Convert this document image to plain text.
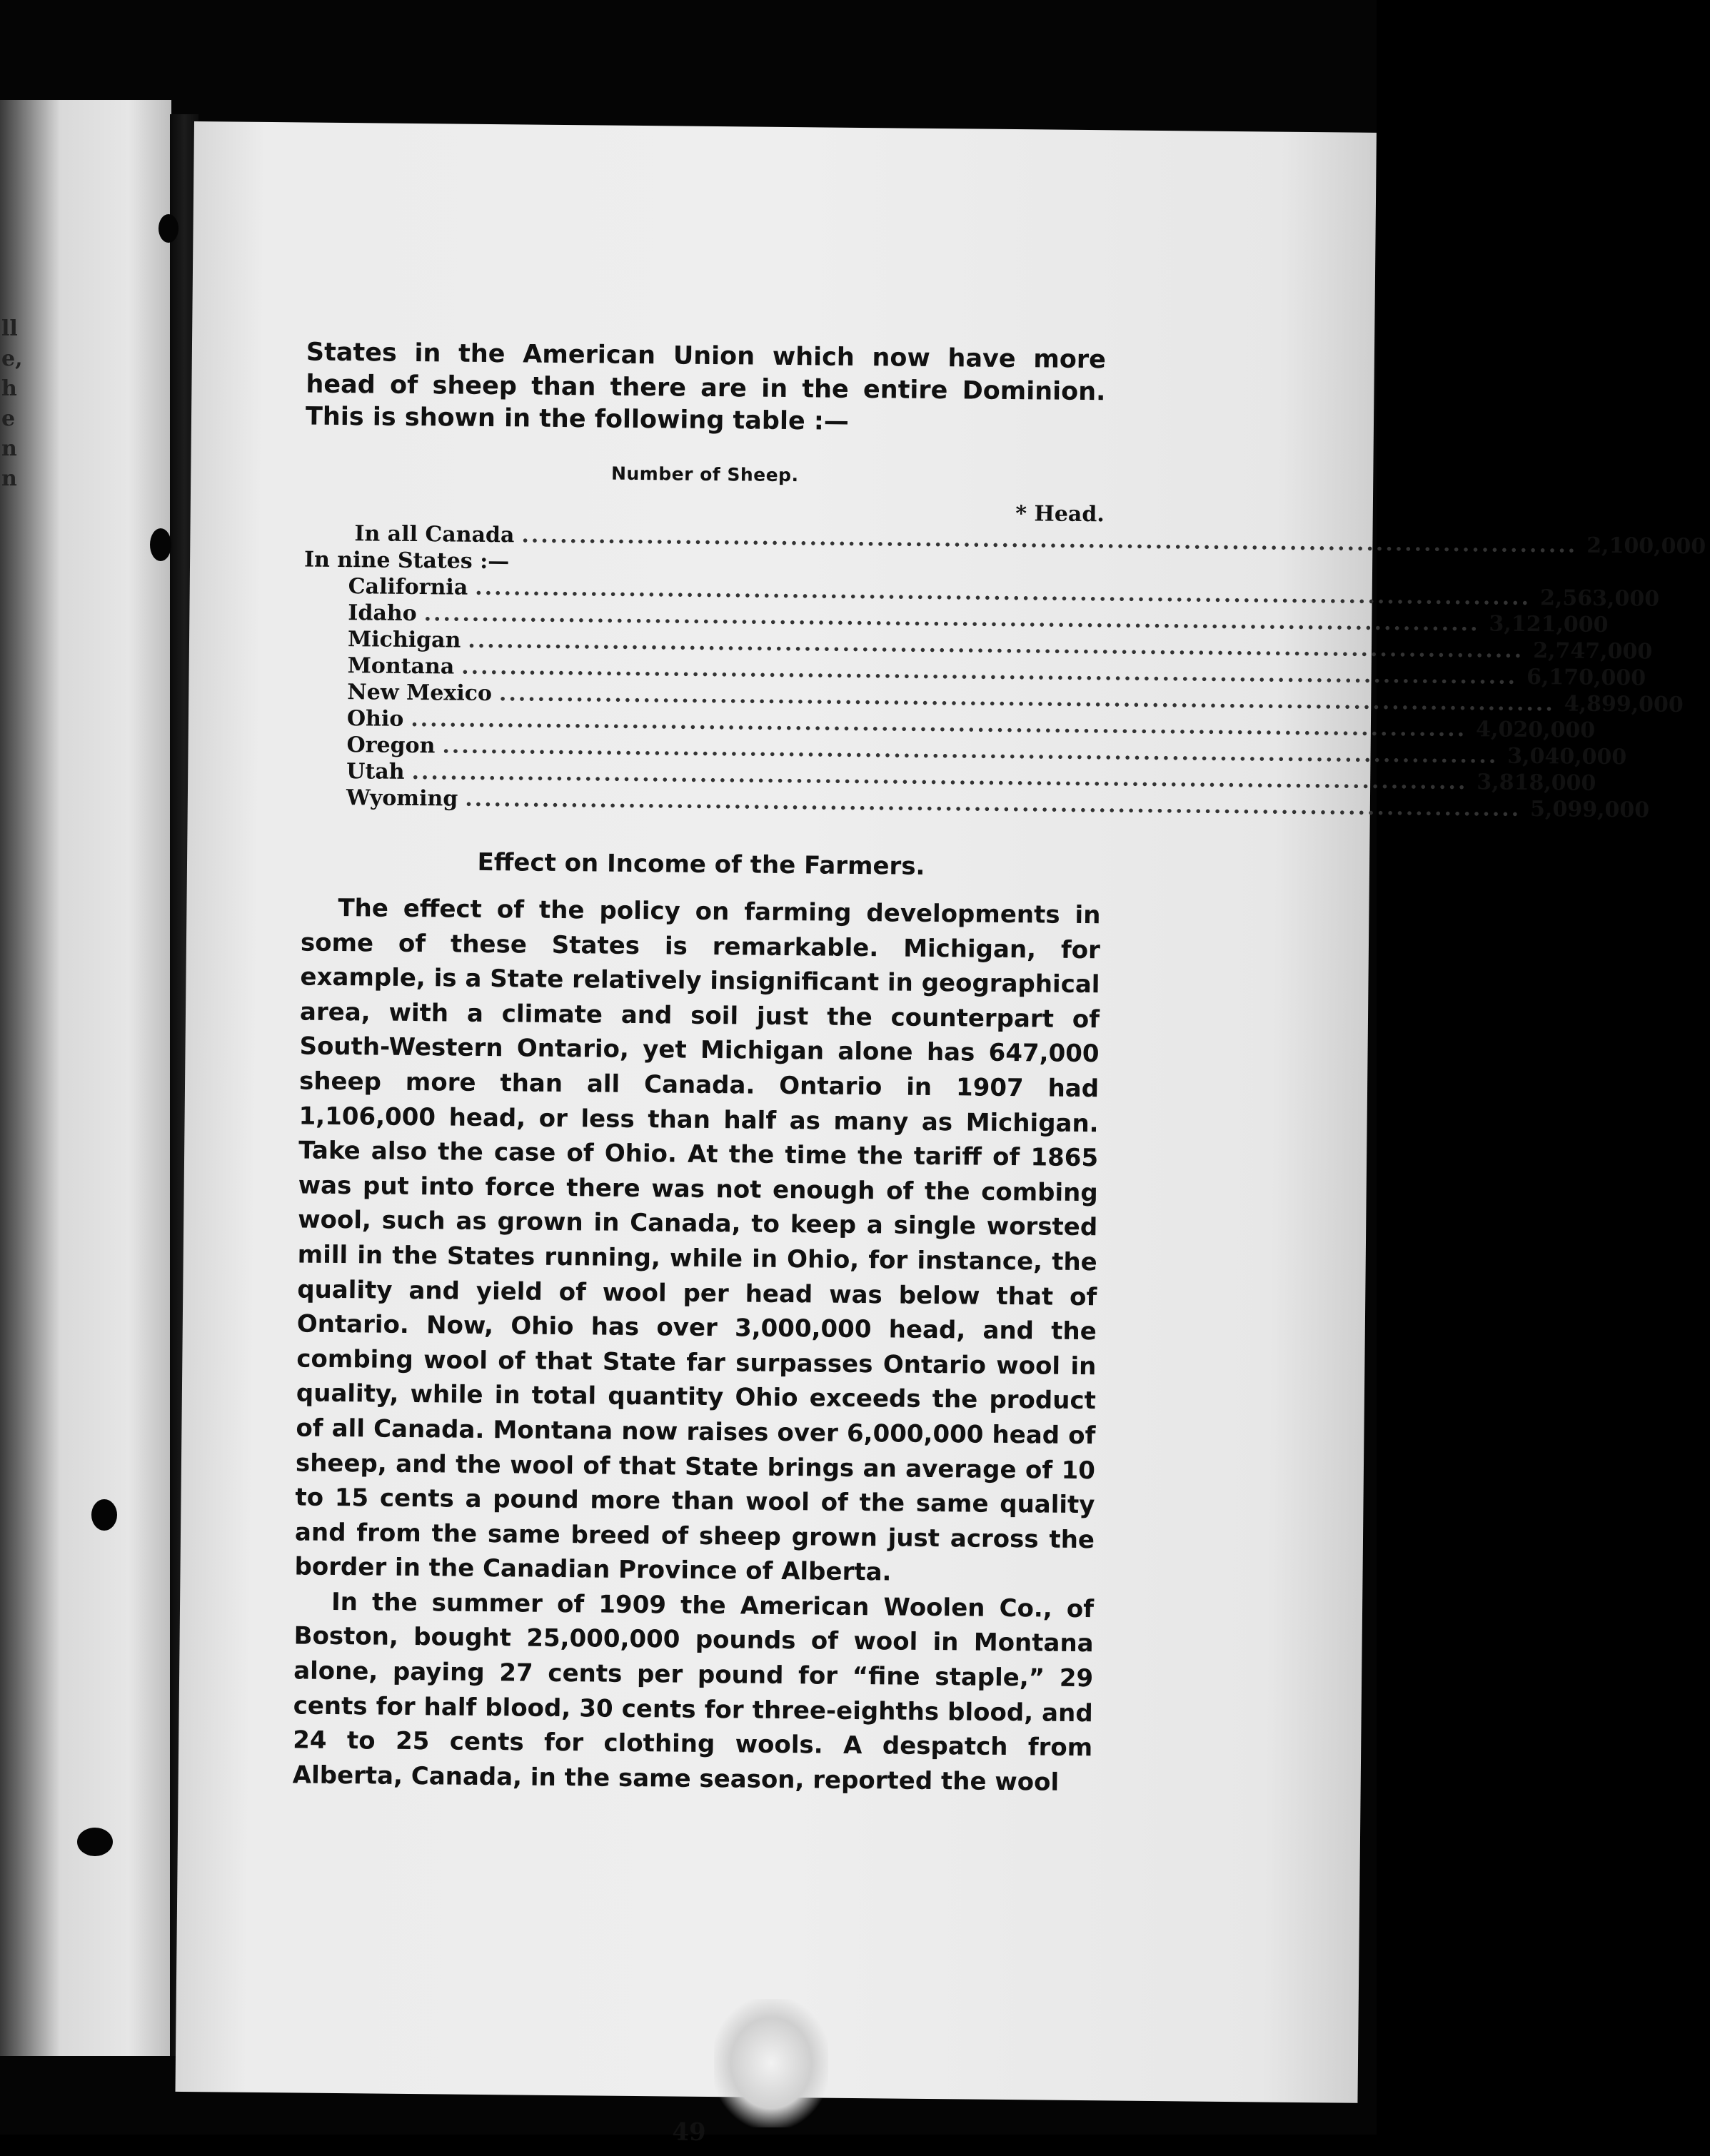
ll
e,
h
e
n
n

States in the American Union which now have more

head of sheep than there are in the entire Dominion.

This is shown in the following table :—

Number of Sheep.
* Head.
In all Canada .............................................................................................................. 2,100,000
In nine States :—
California .............................................................................................................. 2,563,000
Idaho .............................................................................................................. 3,121,000
Michigan .............................................................................................................. 2,747,000
Montana .............................................................................................................. 6,170,000
New Mexico .............................................................................................................. 4,899,000
Ohio .............................................................................................................. 4,020,000
Oregon .............................................................................................................. 3,040,000
Utah .............................................................................................................. 3,818,000
Wyoming .............................................................................................................. 5,099,000
Effect on Income of the Farmers.

The effect of the policy on farming developments in some of these States is remarkable. Michigan, for example, is a State relatively insignificant in geographical area, with a climate and soil just the counterpart of South-Western Ontario, yet Michigan alone has 647,000 sheep more than all Canada. Ontario in 1907 had 1,106,000 head, or less than half as many as Michigan. Take also the case of Ohio. At the time the tariff of 1865 was put into force there was not enough of the combing wool, such as grown in Canada, to keep a single worsted mill in the States running, while in Ohio, for instance, the quality and yield of wool per head was below that of Ontario. Now, Ohio has over 3,000,000 head, and the combing wool of that State far surpasses Ontario wool in quality, while in total quantity Ohio exceeds the product of all Canada. Montana now raises over 6,000,000 head of sheep, and the wool of that State brings an average of 10 to 15 cents a pound more than wool of the same quality and from the same breed of sheep grown just across the border in the Canadian Province of Alberta.

In the summer of 1909 the American Woolen Co., of Boston, bought 25,000,000 pounds of wool in Montana alone, paying 27 cents per pound for “fine staple,” 29 cents for half blood, 30 cents for three-eighths blood, and 24 to 25 cents for clothing wools. A despatch from Alberta, Canada, in the same season, reported the wool

49
